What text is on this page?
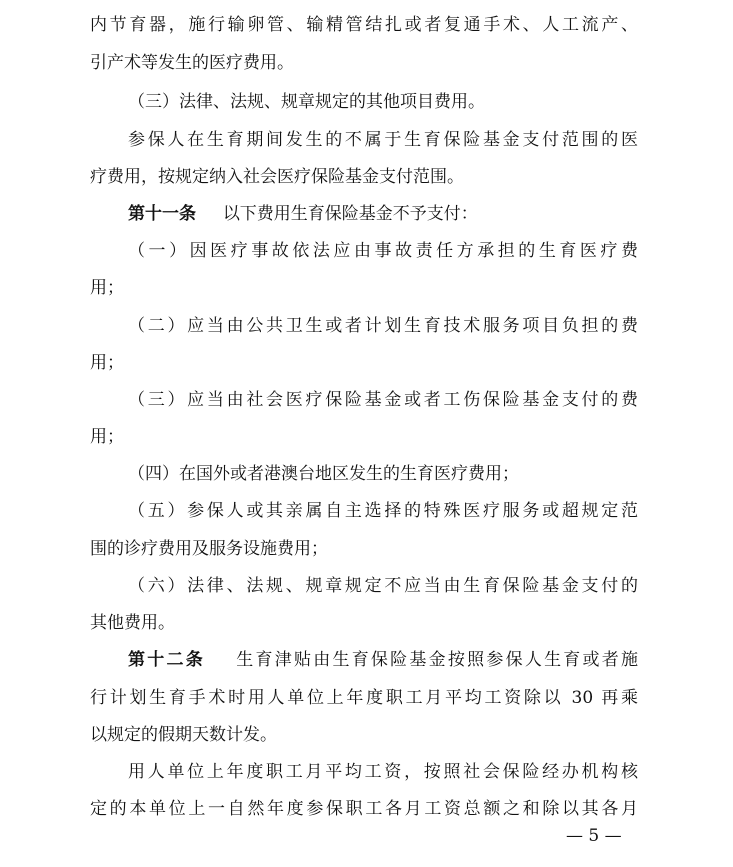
内节育器，施行输卵管、输精管结扎或者复通手术、人工流产、
引产术等发生的医疗费用。
（三）法律、法规、规章规定的其他项目费用。
参保人在生育期间发生的不属于生育保险基金支付范围的医
疗费用，按规定纳入社会医疗保险基金支付范围。
第十一条 以下费用生育保险基金不予支付：
（一）因医疗事故依法应由事故责任方承担的生育医疗费
用；
（二）应当由公共卫生或者计划生育技术服务项目负担的费
用；
（三）应当由社会医疗保险基金或者工伤保险基金支付的费
用；
（四）在国外或者港澳台地区发生的生育医疗费用；
（五）参保人或其亲属自主选择的特殊医疗服务或超规定范
围的诊疗费用及服务设施费用；
（六）法律、法规、规章规定不应当由生育保险基金支付的
其他费用。
第十二条 生育津贴由生育保险基金按照参保人生育或者施
行计划生育手术时用人单位上年度职工月平均工资除以 30 再乘
以规定的假期天数计发。
用人单位上年度职工月平均工资，按照社会保险经办机构核
定的本单位上一自然年度参保职工各月工资总额之和除以其各月
— 5 —
